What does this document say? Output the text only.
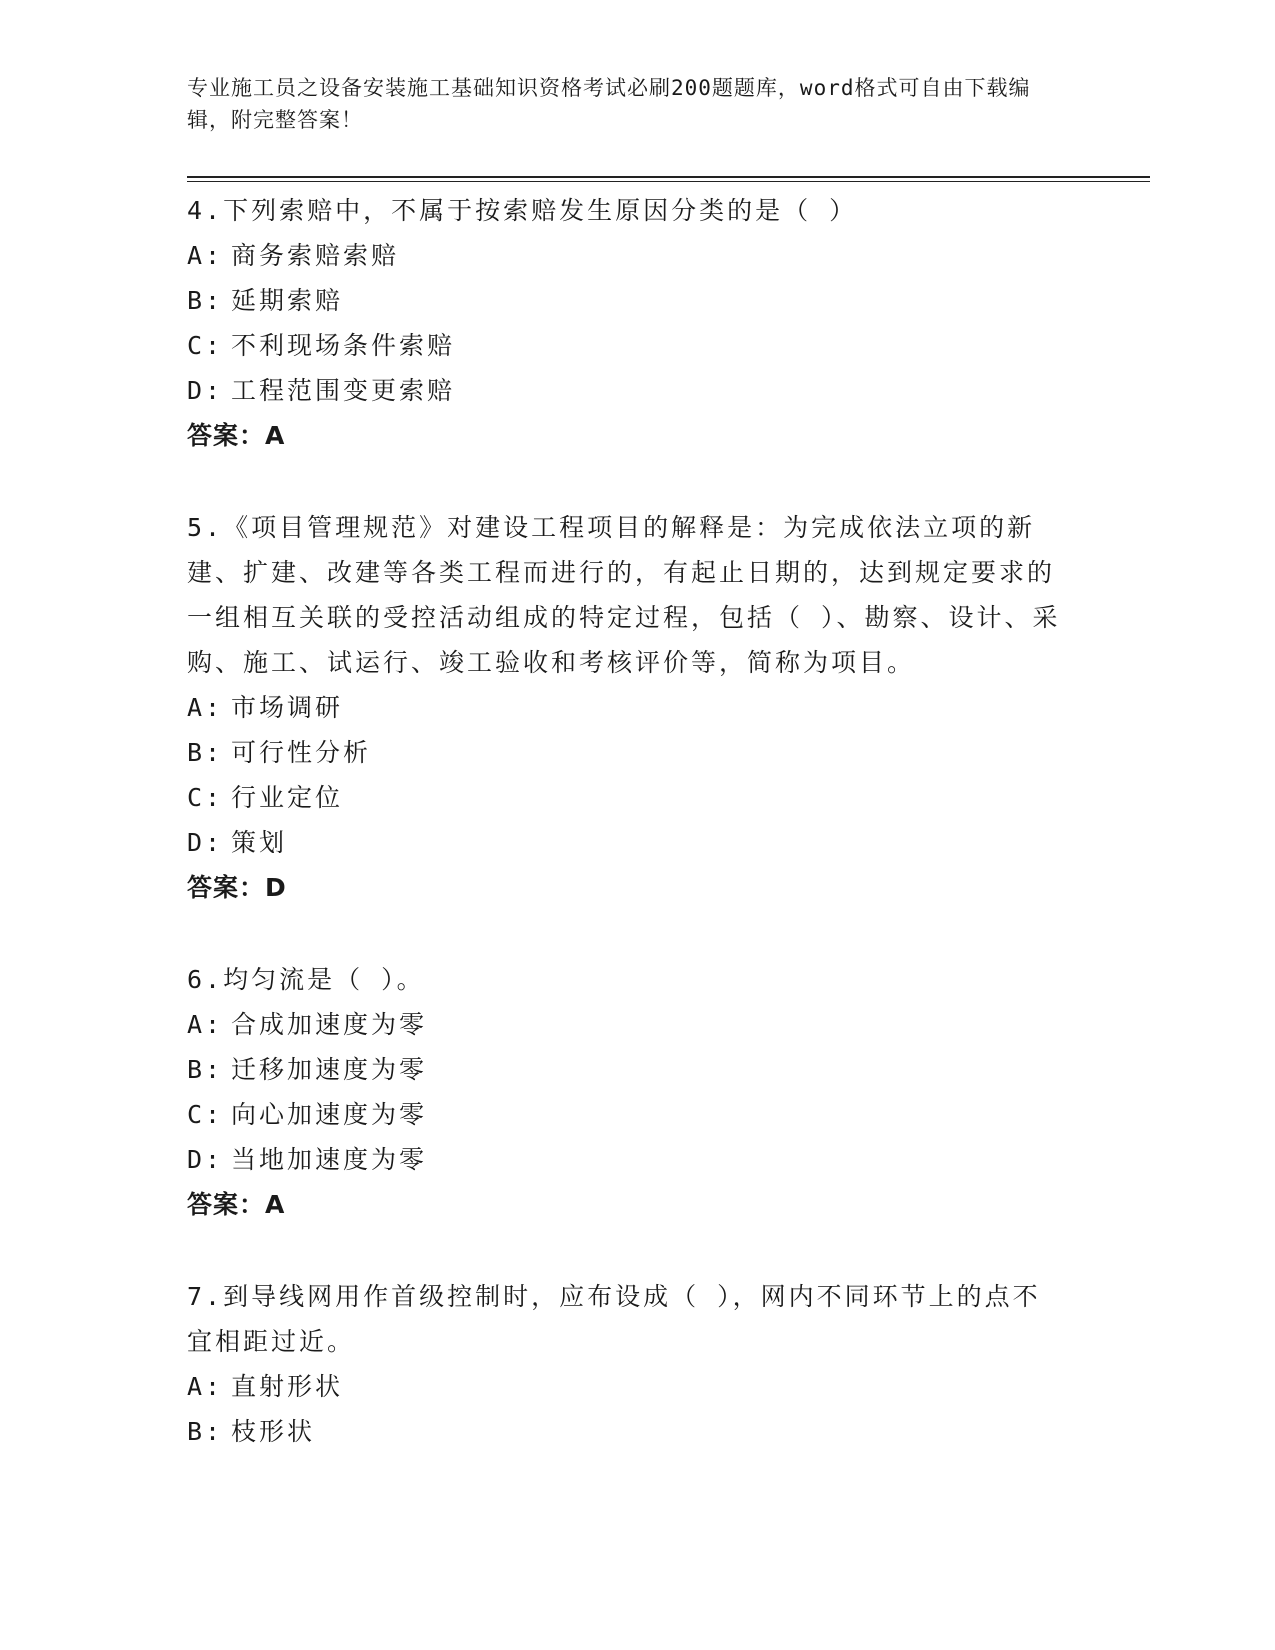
专业施工员之设备安装施工基础知识资格考试必刷200题题库，word格式可自由下载编辑，附完整答案！

4.下列索赔中，不属于按索赔发生原因分类的是（ ）

A: 商务索赔索赔

B: 延期索赔

C: 不利现场条件索赔

D: 工程范围变更索赔

答案：A

5.《项目管理规范》对建设工程项目的解释是：为完成依法立项的新建、扩建、改建等各类工程而进行的，有起止日期的，达到规定要求的一组相互关联的受控活动组成的特定过程，包括（ ）、勘察、设计、采购、施工、试运行、竣工验收和考核评价等，简称为项目。

A: 市场调研

B: 可行性分析

C: 行业定位

D: 策划

答案：D

6.均匀流是（ ）。

A: 合成加速度为零

B: 迁移加速度为零

C: 向心加速度为零

D: 当地加速度为零

答案：A

7.到导线网用作首级控制时，应布设成（ ），网内不同环节上的点不宜相距过近。

A: 直射形状

B: 枝形状
